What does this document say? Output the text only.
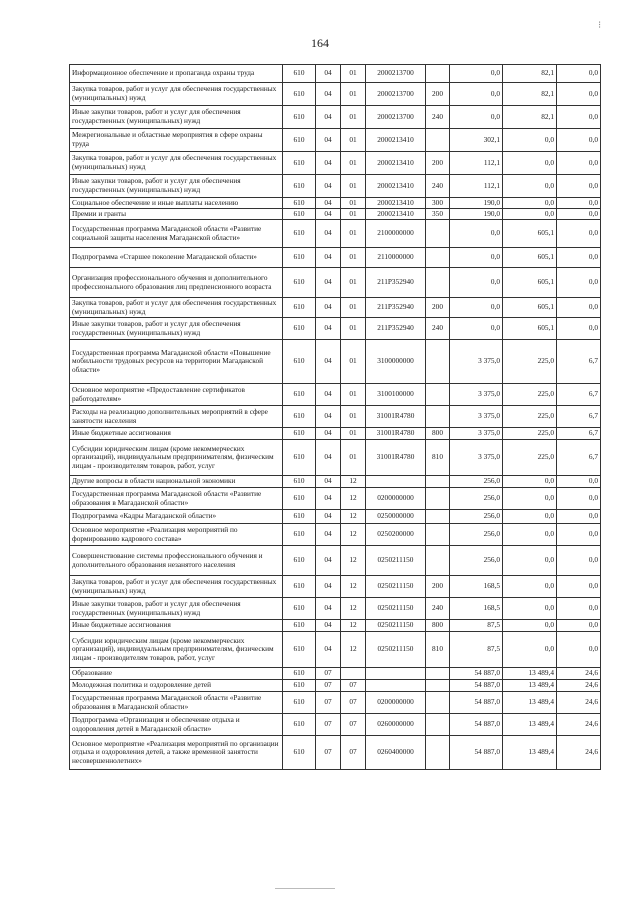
164
⁝
Информационное обеспечение и пропаганда охраны труда	610	04	01	2000213700		0,0	82,1	0,0
Закупка товаров, работ и услуг для обеспечения государственных (муниципальных) нужд	610	04	01	2000213700	200	0,0	82,1	0,0
Иные закупки товаров, работ и услуг для обеспечения государственных (муниципальных) нужд	610	04	01	2000213700	240	0,0	82,1	0,0
Межрегиональные и областные мероприятия в сфере охраны труда	610	04	01	2000213410		302,1	0,0	0,0
Закупка товаров, работ и услуг для обеспечения государственных (муниципальных) нужд	610	04	01	2000213410	200	112,1	0,0	0,0
Иные закупки товаров, работ и услуг для обеспечения государственных (муниципальных) нужд	610	04	01	2000213410	240	112,1	0,0	0,0
Социальное обеспечение и иные выплаты населению	610	04	01	2000213410	300	190,0	0,0	0,0
Премии и гранты	610	04	01	2000213410	350	190,0	0,0	0,0
Государственная программа Магаданской области «Развитие социальной защиты населения Магаданской области»	610	04	01	2100000000		0,0	605,1	0,0
Подпрограмма «Старшее поколение Магаданской области»	610	04	01	2110000000		0,0	605,1	0,0
Организация профессионального обучения и дополнительного профессионального образования лиц предпенсионного возраста	610	04	01	211P352940		0,0	605,1	0,0
Закупка товаров, работ и услуг для обеспечения государственных (муниципальных) нужд	610	04	01	211P352940	200	0,0	605,1	0,0
Иные закупки товаров, работ и услуг для обеспечения государственных (муниципальных) нужд	610	04	01	211P352940	240	0,0	605,1	0,0
Государственная программа Магаданской области «Повышение мобильности трудовых ресурсов на территории Магаданской области»	610	04	01	3100000000		3 375,0	225,0	6,7
Основное мероприятие «Предоставление сертификатов работодателям»	610	04	01	3100100000		3 375,0	225,0	6,7
Расходы на реализацию дополнительных мероприятий в сфере занятости населения	610	04	01	31001R4780		3 375,0	225,0	6,7
Иные бюджетные ассигнования	610	04	01	31001R4780	800	3 375,0	225,0	6,7
Субсидии юридическим лицам (кроме некоммерческих организаций), индивидуальным предпринимателям, физическим лицам - производителям товаров, работ, услуг	610	04	01	31001R4780	810	3 375,0	225,0	6,7
Другие вопросы в области национальной экономики	610	04	12			256,0	0,0	0,0
Государственная программа Магаданской области «Развитие образования в Магаданской области»	610	04	12	0200000000		256,0	0,0	0,0
Подпрограмма «Кадры Магаданской области»	610	04	12	0250000000		256,0	0,0	0,0
Основное мероприятие «Реализация мероприятий по формированию кадрового состава»	610	04	12	0250200000		256,0	0,0	0,0
Совершенствование системы профессионального обучения и дополнительного образования незанятого населения	610	04	12	0250211150		256,0	0,0	0,0
Закупка товаров, работ и услуг для обеспечения государственных (муниципальных) нужд	610	04	12	0250211150	200	168,5	0,0	0,0
Иные закупки товаров, работ и услуг для обеспечения государственных (муниципальных) нужд	610	04	12	0250211150	240	168,5	0,0	0,0
Иные бюджетные ассигнования	610	04	12	0250211150	800	87,5	0,0	0,0
Субсидии юридическим лицам (кроме некоммерческих организаций), индивидуальным предпринимателям, физическим лицам - производителям товаров, работ, услуг	610	04	12	0250211150	810	87,5	0,0	0,0
Образование	610	07				54 887,0	13 489,4	24,6
Молодежная политика и оздоровление детей	610	07	07			54 887,0	13 489,4	24,6
Государственная программа Магаданской области «Развитие образования в Магаданской области»	610	07	07	0200000000		54 887,0	13 489,4	24,6
Подпрограмма «Организация и обеспечение отдыха и оздоровления детей в Магаданской области»	610	07	07	0260000000		54 887,0	13 489,4	24,6
Основное мероприятие «Реализация мероприятий по организации отдыха и оздоровления детей, а также временной занятости несовершеннолетних»	610	07	07	0260400000		54 887,0	13 489,4	24,6
